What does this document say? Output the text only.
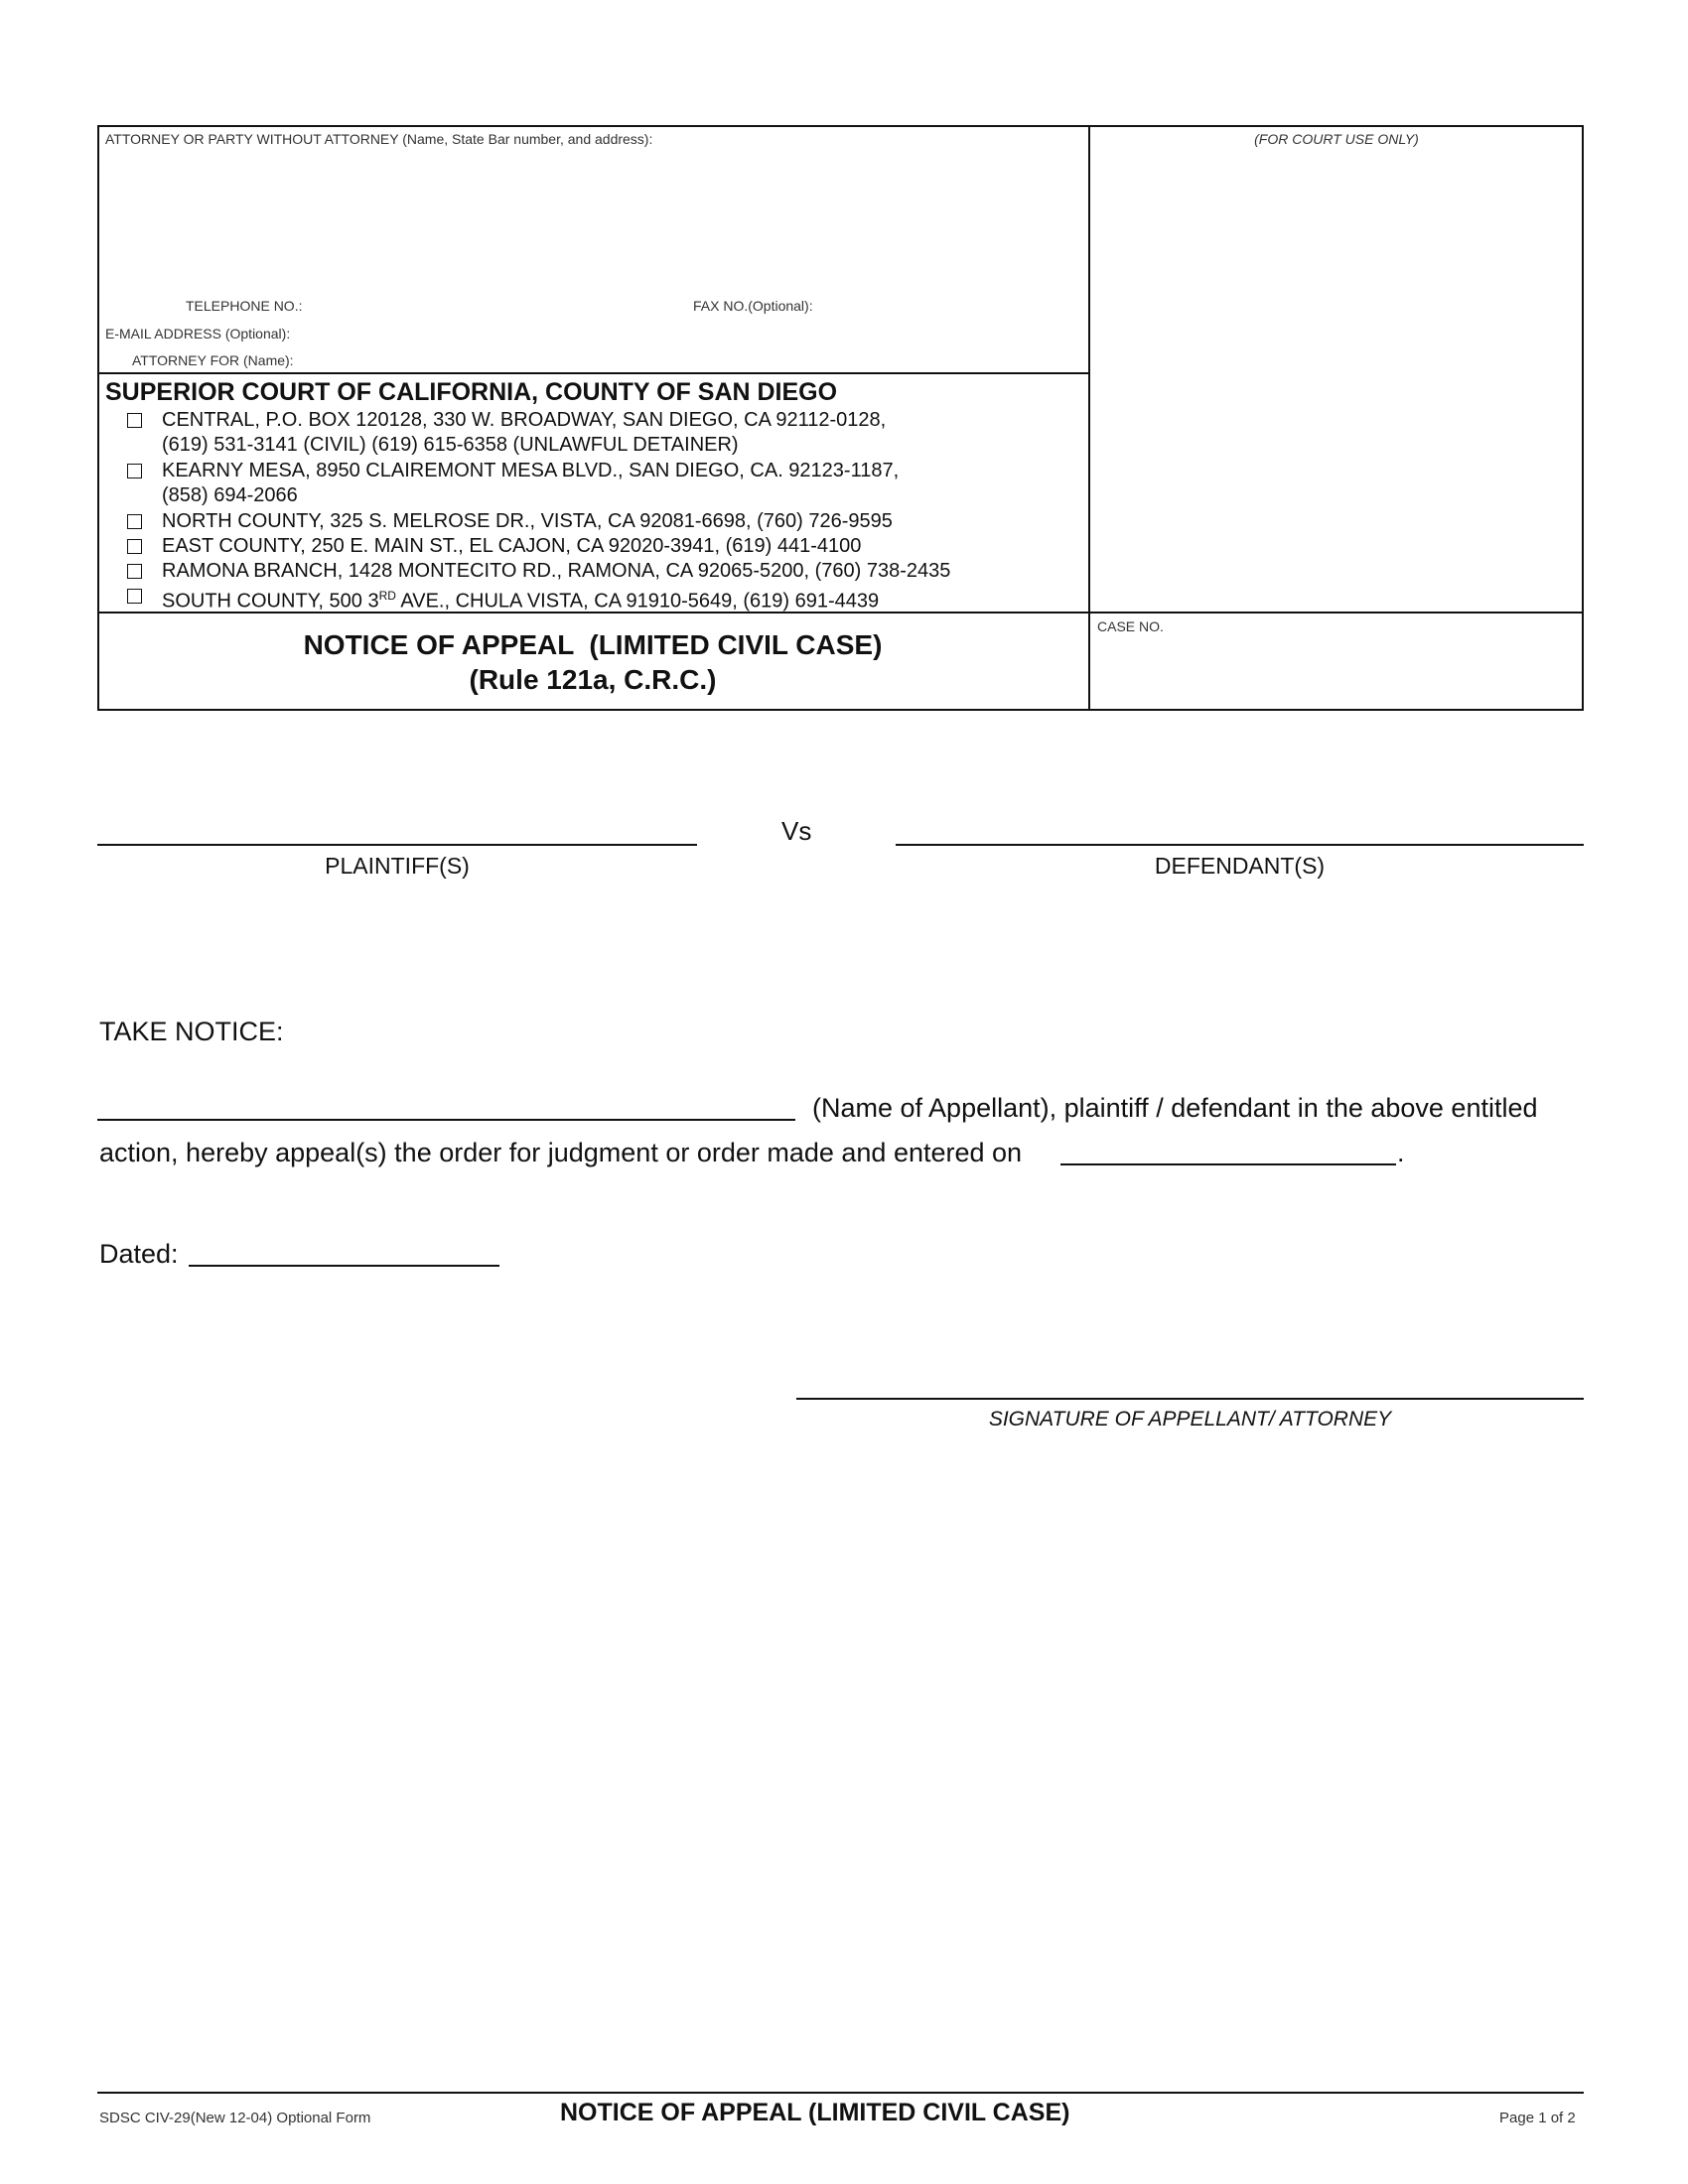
ATTORNEY OR PARTY WITHOUT ATTORNEY (Name, State Bar number, and address):	(FOR COURT USE ONLY)
TELEPHONE NO.:	FAX NO.(Optional):
E-MAIL ADDRESS (Optional):
ATTORNEY FOR (Name):
SUPERIOR COURT OF CALIFORNIA, COUNTY OF SAN DIEGO
CENTRAL, P.O. BOX 120128, 330 W. BROADWAY, SAN DIEGO, CA 92112-0128,
(619) 531-3141 (CIVIL) (619) 615-6358 (UNLAWFUL DETAINER)
KEARNY MESA, 8950 CLAIREMONT MESA BLVD., SAN DIEGO, CA. 92123-1187,
(858) 694-2066
NORTH COUNTY, 325 S. MELROSE DR., VISTA, CA 92081-6698, (760) 726-9595
EAST COUNTY, 250 E. MAIN ST., EL CAJON, CA 92020-3941, (619) 441-4100
RAMONA BRANCH, 1428 MONTECITO RD., RAMONA, CA 92065-5200, (760) 738-2435
SOUTH COUNTY, 500 3RD AVE., CHULA VISTA, CA 91910-5649, (619) 691-4439
NOTICE OF APPEAL  (LIMITED CIVIL CASE)
(Rule 121a, C.R.C.)
CASE NO.
Vs
PLAINTIFF(S)	DEFENDANT(S)
TAKE NOTICE:
(Name of Appellant), plaintiff / defendant in the above entitled
action, hereby appeal(s) the order for judgment or order made and entered on	.
Dated:
SIGNATURE OF APPELLANT/ ATTORNEY
SDSC CIV-29(New 12-04) Optional Form	NOTICE OF APPEAL (LIMITED CIVIL CASE)	Page 1 of 2
